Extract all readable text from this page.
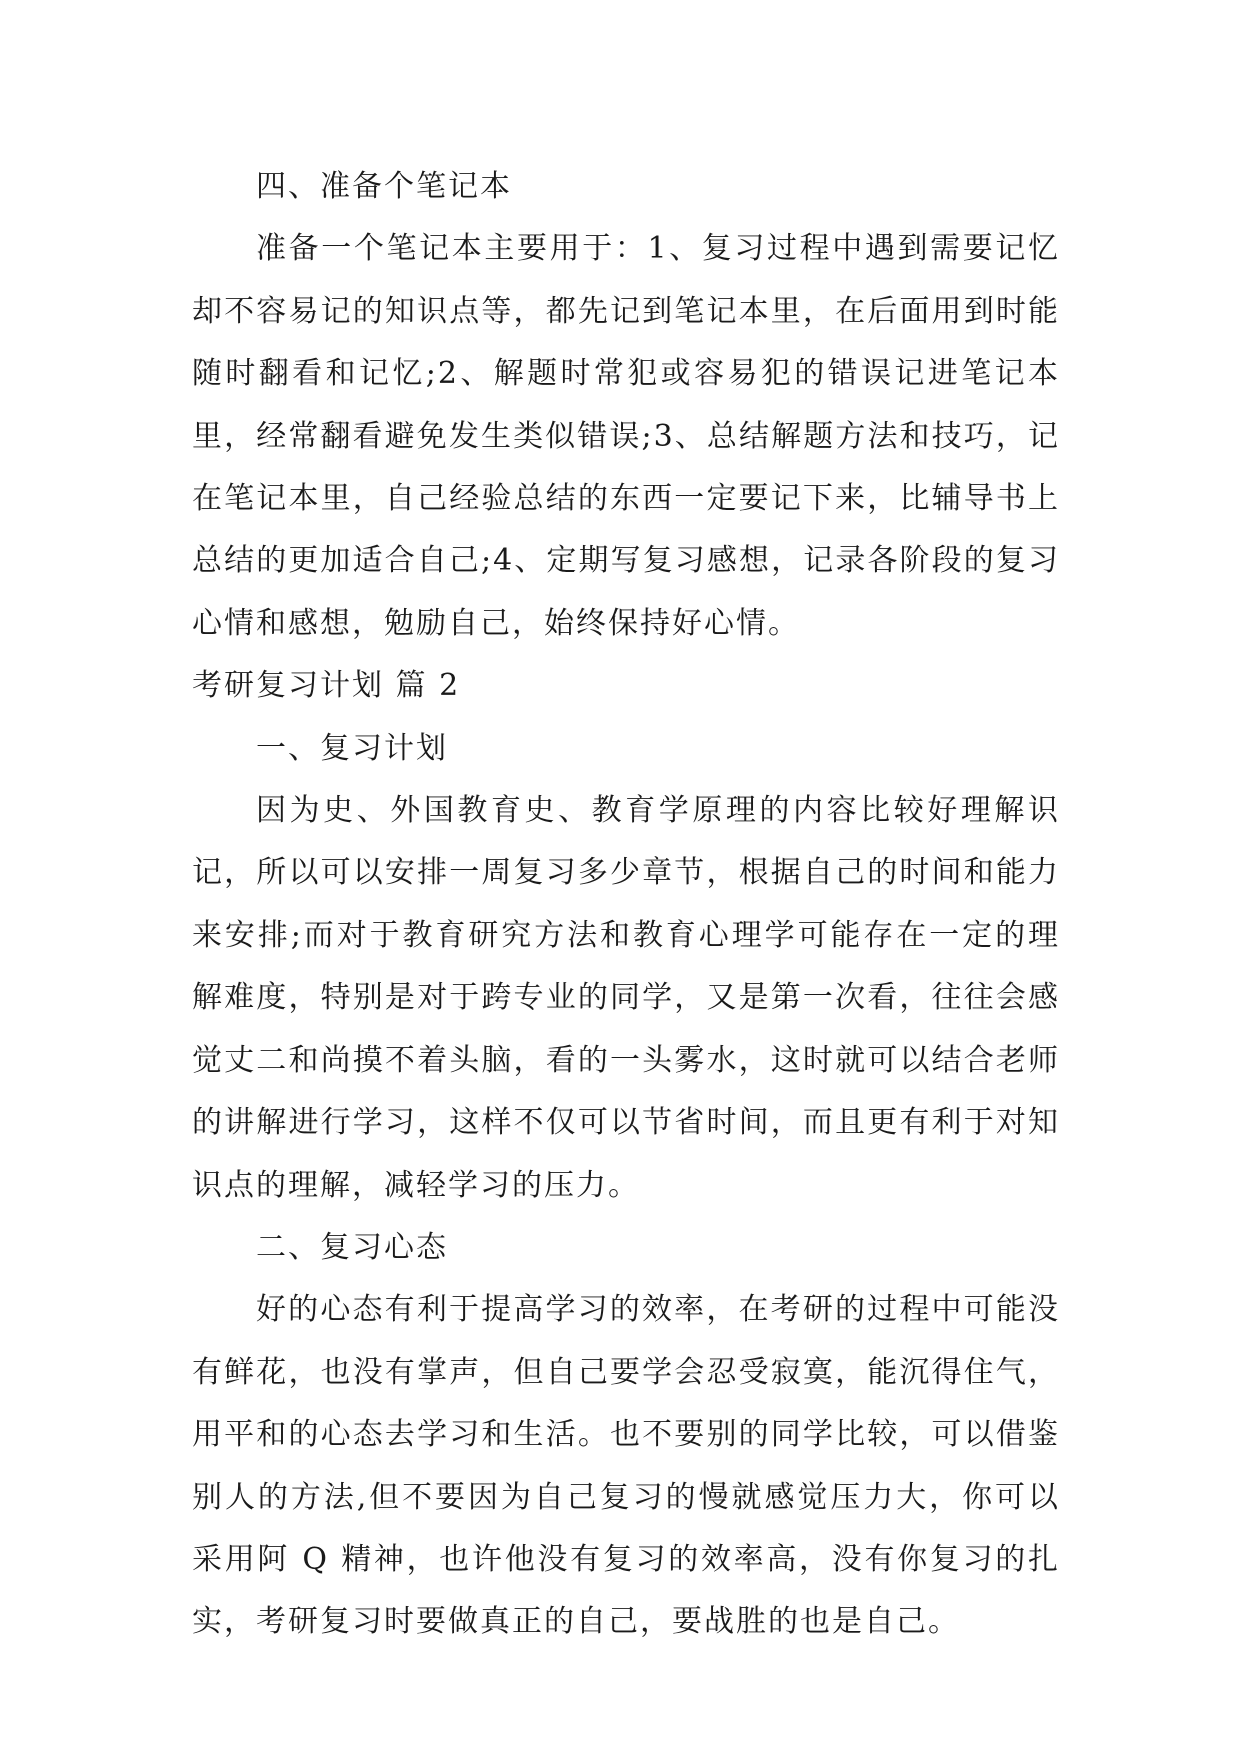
四、准备个笔记本

准备一个笔记本主要用于：1、复习过程中遇到需要记忆却不容易记的知识点等，都先记到笔记本里，在后面用到时能随时翻看和记忆;2、解题时常犯或容易犯的错误记进笔记本里，经常翻看避免发生类似错误;3、总结解题方法和技巧，记在笔记本里，自己经验总结的东西一定要记下来，比辅导书上总结的更加适合自己;4、定期写复习感想，记录各阶段的复习心情和感想，勉励自己，始终保持好心情。

考研复习计划 篇 2

一、复习计划

因为史、外国教育史、教育学原理的内容比较好理解识记，所以可以安排一周复习多少章节，根据自己的时间和能力来安排;而对于教育研究方法和教育心理学可能存在一定的理解难度，特别是对于跨专业的同学，又是第一次看，往往会感觉丈二和尚摸不着头脑，看的一头雾水，这时就可以结合老师的讲解进行学习，这样不仅可以节省时间，而且更有利于对知识点的理解，减轻学习的压力。

二、复习心态

好的心态有利于提高学习的效率，在考研的过程中可能没有鲜花，也没有掌声，但自己要学会忍受寂寞，能沉得住气，用平和的心态去学习和生活。也不要别的同学比较，可以借鉴别人的方法,但不要因为自己复习的慢就感觉压力大，你可以采用阿 Q 精神，也许他没有复习的效率高，没有你复习的扎实，考研复习时要做真正的自己，要战胜的也是自己。
